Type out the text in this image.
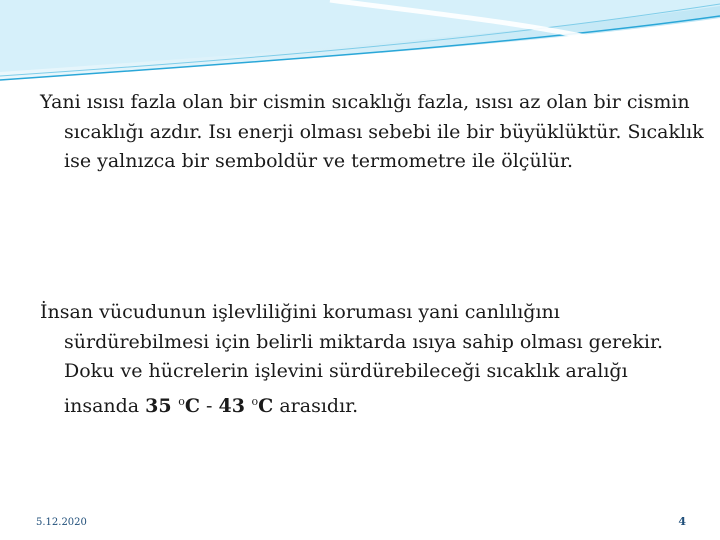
Yani ısısı fazla olan bir cismin sıcaklığı fazla, ısısı az olan bir cismin sıcaklığı azdır. Isı enerji olması sebebi ile bir büyüklüktür. Sıcaklık ise yalnızca bir semboldür ve termometre ile ölçülür.

İnsan vücudunun işlevliliğini koruması yani canlılığını sürdürebilmesi için belirli miktarda ısıya sahip olması gerekir. Doku ve hücrelerin işlevini sürdürebileceği sıcaklık aralığı insanda 35 $^o$C - 43 $^o$C arasıdır.

5.12.2020	4
